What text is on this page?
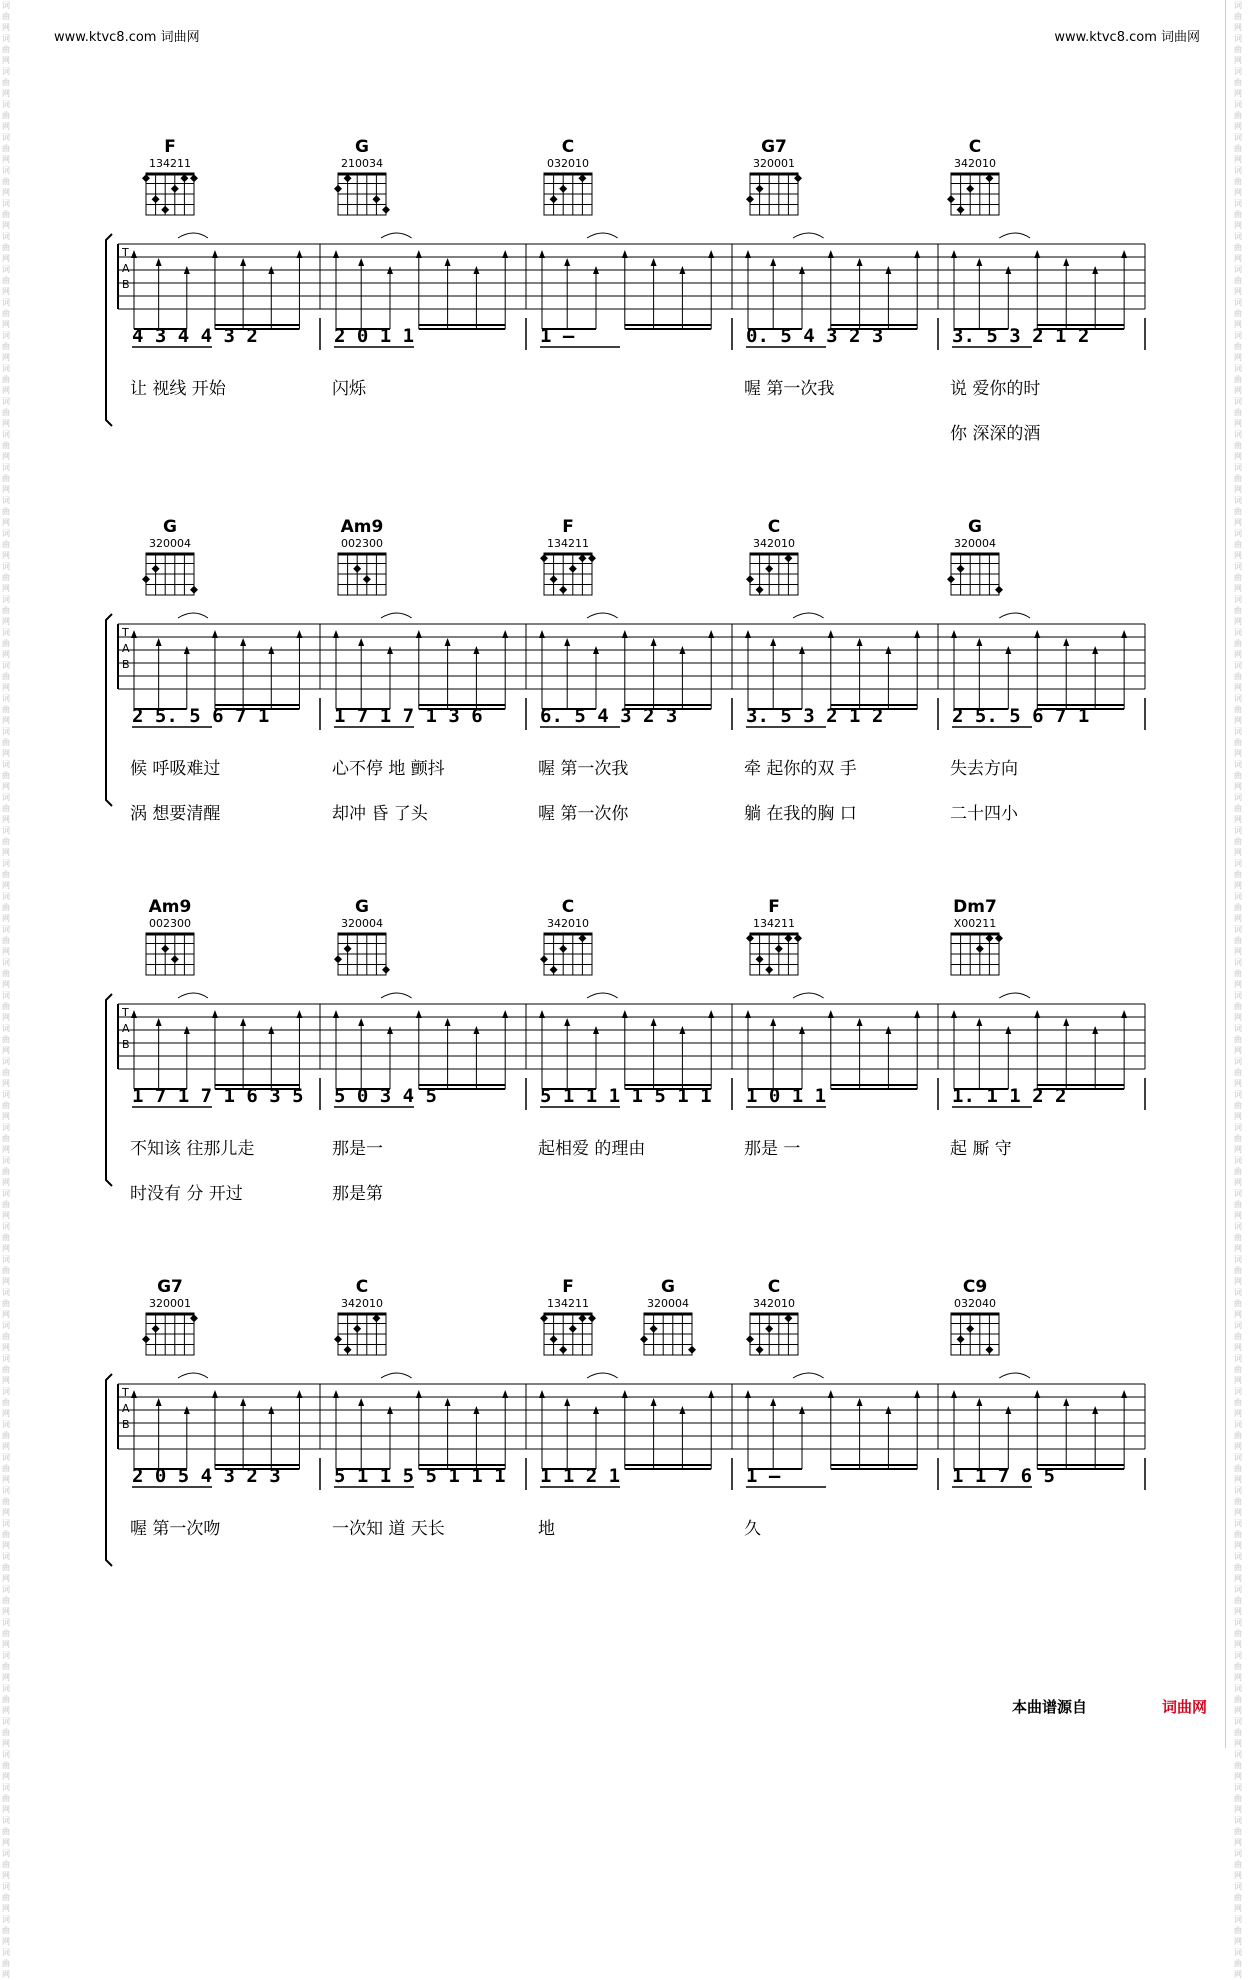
词曲网词曲网词曲网词曲网词曲网词曲网词曲网词曲网词曲网词曲网词曲网词曲网词曲网词曲网词曲网词曲网词曲网词曲网词曲网词曲网词曲网词曲网词曲网词曲网词曲网词曲网词曲网词曲网词曲网词曲网词曲网词曲网词曲网词曲网词曲网词曲网词曲网词曲网词曲网词曲网词曲网词曲网词曲网词曲网词曲网词曲网词曲网词曲网词曲网词曲网词曲网词曲网词曲网词曲网词曲网词曲网词曲网词曲网词曲网词曲网
词曲网词曲网词曲网词曲网词曲网词曲网词曲网词曲网词曲网词曲网词曲网词曲网词曲网词曲网词曲网词曲网词曲网词曲网词曲网词曲网词曲网词曲网词曲网词曲网词曲网词曲网词曲网词曲网词曲网词曲网词曲网词曲网词曲网词曲网词曲网词曲网词曲网词曲网词曲网词曲网词曲网词曲网词曲网词曲网词曲网词曲网词曲网词曲网词曲网词曲网词曲网词曲网词曲网词曲网词曲网词曲网词曲网词曲网词曲网词曲网
www.ktvc8.com 词曲网	www.ktvc8.com 词曲网
F
134211
G
210034
C
032010
G7
320001
C
342010
T
A
B
4 3 4 4 3 2	2 0 1 1	1 –	0. 5 4 3 2 3	3. 5 3 2 1 2
让 视线 开始	闪烁	喔 第一次我	说 爱你的时
你 深深的酒
G
320004
Am9
002300
F
134211
C
342010
G
320004
T
A
B
2 5. 5 6 7 1	1 7 1 7 1 3 6	6. 5 4 3 2 3	3. 5 3 2 1 2	2 5. 5 6 7 1
候 呼吸难过	心不停 地 颤抖	喔 第一次我	牵 起你的双 手	失去方向
涡 想要清醒	却冲 昏 了头	喔 第一次你	躺 在我的胸 口	二十四小
Am9
002300
G
320004
C
342010
F
134211
Dm7
X00211
T
A
B
1 7 1 7 1 6 3 5 5 0 3 4 5	5 1 1 1 1 5 1 1 1 0 1 1	1. 1 1 2 2
不知该 往那儿走	那是一	起相爱 的理由	那是 一	起 厮 守
时没有 分 开过	那是第
G7
320001
C
342010
F
134211
G
320004
C
342010
C9
032040
T
A
B
2 0 5 4 3 2 3	5 1 1 5 5 1 1 1 1 1 2 1	1 –	1 1 7 6 5
喔 第一次吻	一次知 道 天长	地	久
本曲谱源自	词曲网
